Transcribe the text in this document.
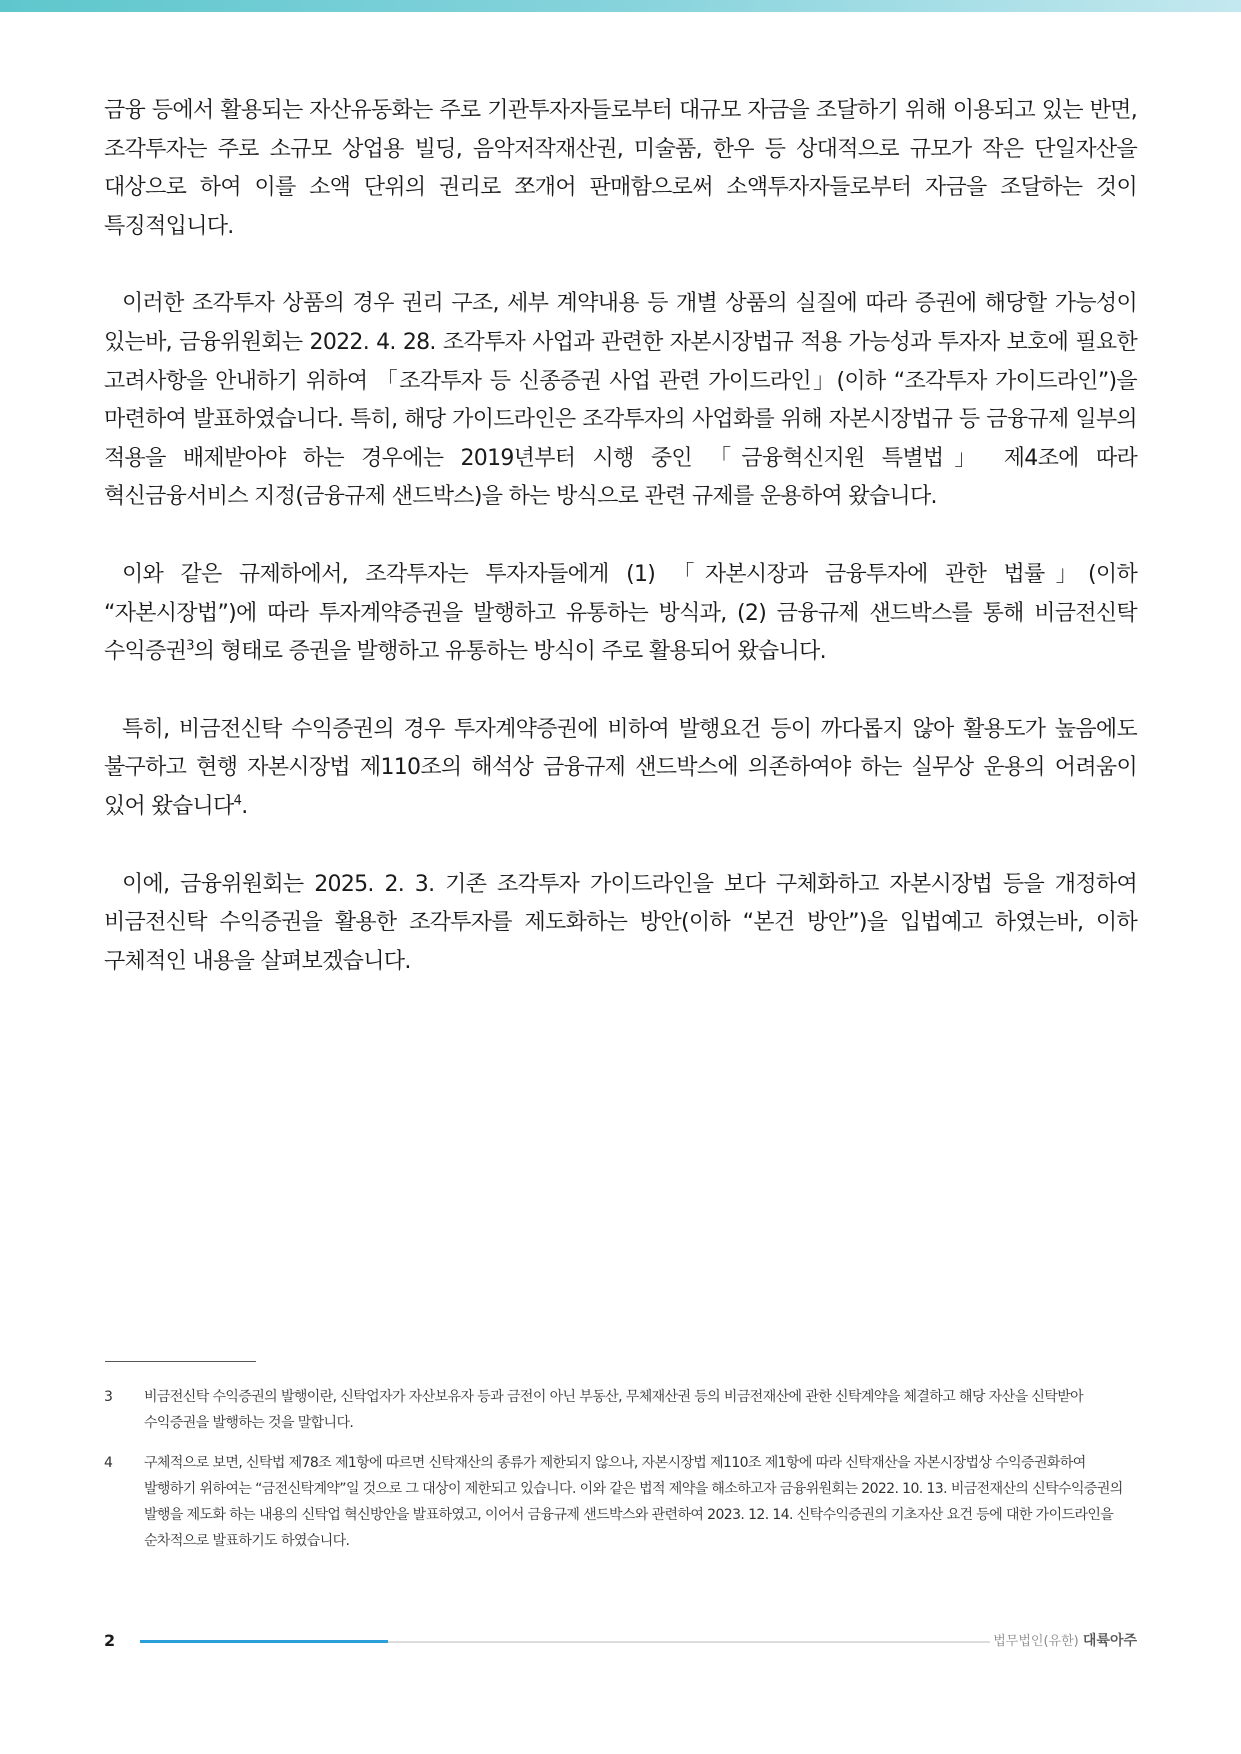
금융 등에서 활용되는 자산유동화는 주로 기관투자자들로부터 대규모 자금을 조달하기 위해 이용되고 있는 반면, 조각투자는 주로 소규모 상업용 빌딩, 음악저작재산권, 미술품, 한우 등 상대적으로 규모가 작은 단일자산을 대상으로 하여 이를 소액 단위의 권리로 쪼개어 판매함으로써 소액투자자들로부터 자금을 조달하는 것이 특징적입니다.

이러한 조각투자 상품의 경우 권리 구조, 세부 계약내용 등 개별 상품의 실질에 따라 증권에 해당할 가능성이 있는바, 금융위원회는 2022. 4. 28. 조각투자 사업과 관련한 자본시장법규 적용 가능성과 투자자 보호에 필요한 고려사항을 안내하기 위하여 「조각투자 등 신종증권 사업 관련 가이드라인」(이하 “조각투자 가이드라인”)을 마련하여 발표하였습니다. 특히, 해당 가이드라인은 조각투자의 사업화를 위해 자본시장법규 등 금융규제 일부의 적용을 배제받아야 하는 경우에는 2019년부터 시행 중인 「금융혁신지원 특별법」 제4조에 따라 혁신금융서비스 지정(금융규제 샌드박스)을 하는 방식으로 관련 규제를 운용하여 왔습니다.

이와 같은 규제하에서, 조각투자는 투자자들에게 (1) 「자본시장과 금융투자에 관한 법률」(이하 “자본시장법”)에 따라 투자계약증권을 발행하고 유통하는 방식과, (2) 금융규제 샌드박스를 통해 비금전신탁 수익증권$^3$의 형태로 증권을 발행하고 유통하는 방식이 주로 활용되어 왔습니다.

특히, 비금전신탁 수익증권의 경우 투자계약증권에 비하여 발행요건 등이 까다롭지 않아 활용도가 높음에도 불구하고 현행 자본시장법 제110조의 해석상 금융규제 샌드박스에 의존하여야 하는 실무상 운용의 어려움이 있어 왔습니다$^4$.

이에, 금융위원회는 2025. 2. 3. 기존 조각투자 가이드라인을 보다 구체화하고 자본시장법 등을 개정하여 비금전신탁 수익증권을 활용한 조각투자를 제도화하는 방안(이하 “본건 방안”)을 입법예고 하였는바, 이하 구체적인 내용을 살펴보겠습니다.

3	비금전신탁 수익증권의 발행이란, 신탁업자가 자산보유자 등과 금전이 아닌 부동산, 무체재산권 등의 비금전재산에 관한 신탁계약을 체결하고 해당 자산을 신탁받아 수익증권을 발행하는 것을 말합니다.
4	구체적으로 보면, 신탁법 제78조 제1항에 따르면 신탁재산의 종류가 제한되지 않으나, 자본시장법 제110조 제1항에 따라 신탁재산을 자본시장법상 수익증권화하여 발행하기 위하여는 “금전신탁계약”일 것으로 그 대상이 제한되고 있습니다. 이와 같은 법적 제약을 해소하고자 금융위원회는 2022. 10. 13. 비금전재산의 신탁수익증권의 발행을 제도화 하는 내용의 신탁업 혁신방안을 발표하였고, 이어서 금융규제 샌드박스와 관련하여 2023. 12. 14. 신탁수익증권의 기초자산 요건 등에 대한 가이드라인을 순차적으로 발표하기도 하였습니다.
2	법무법인(유한) 대륙아주
